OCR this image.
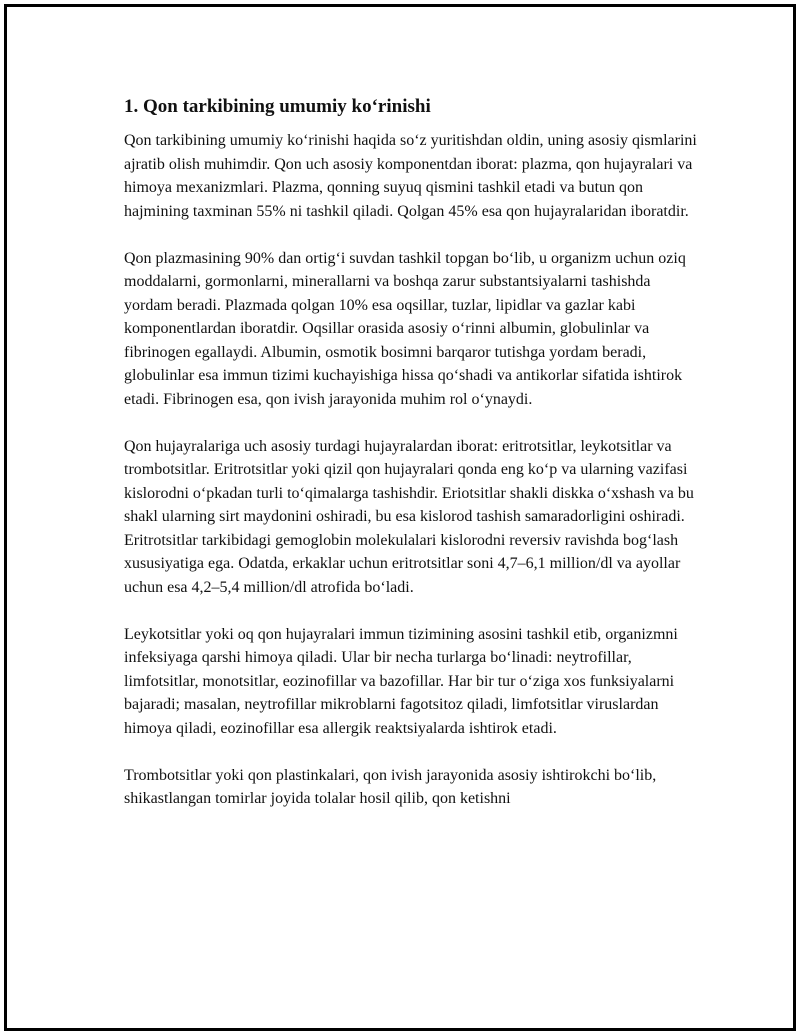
1. Qon tarkibining umumiy ko‘rinishi

Qon tarkibining umumiy ko‘rinishi haqida so‘z yuritishdan oldin, uning asosiy qismlarini ajratib olish muhimdir. Qon uch asosiy komponentdan iborat: plazma, qon hujayralari va himoya mexanizmlari. Plazma, qonning suyuq qismini tashkil etadi va butun qon hajmining taxminan 55% ni tashkil qiladi. Qolgan 45% esa qon hujayralaridan iboratdir.

Qon plazmasining 90% dan ortig‘i suvdan tashkil topgan bo‘lib, u organizm uchun oziq moddalarni, gormonlarni, minerallarni va boshqa zarur substantsiyalarni tashishda yordam beradi. Plazmada qolgan 10% esa oqsillar, tuzlar, lipidlar va gazlar kabi komponentlardan iboratdir. Oqsillar orasida asosiy o‘rinni albumin, globulinlar va fibrinogen egallaydi. Albumin, osmotik bosimni barqaror tutishga yordam beradi, globulinlar esa immun tizimi kuchayishiga hissa qo‘shadi va antikorlar sifatida ishtirok etadi. Fibrinogen esa, qon ivish jarayonida muhim rol o‘ynaydi.

Qon hujayralariga uch asosiy turdagi hujayralardan iborat: eritrotsitlar, leykotsitlar va trombotsitlar. Eritrotsitlar yoki qizil qon hujayralari qonda eng ko‘p va ularning vazifasi kislorodni o‘pkadan turli to‘qimalarga tashishdir. Eriotsitlar shakli diskka o‘xshash va bu shakl ularning sirt maydonini oshiradi, bu esa kislorod tashish samaradorligini oshiradi. Eritrotsitlar tarkibidagi gemoglobin molekulalari kislorodni reversiv ravishda bog‘lash xususiyatiga ega. Odatda, erkaklar uchun eritrotsitlar soni 4,7–6,1 million/dl va ayollar uchun esa 4,2–5,4 million/dl atrofida bo‘ladi.

Leykotsitlar yoki oq qon hujayralari immun tizimining asosini tashkil etib, organizmni infeksiyaga qarshi himoya qiladi. Ular bir necha turlarga bo‘linadi: neytrofillar, limfotsitlar, monotsitlar, eozinofillar va bazofillar. Har bir tur o‘ziga xos funksiyalarni bajaradi; masalan, neytrofillar mikroblarni fagotsitoz qiladi, limfotsitlar viruslardan himoya qiladi, eozinofillar esa allergik reaktsiyalarda ishtirok etadi.

Trombotsitlar yoki qon plastinkalari, qon ivish jarayonida asosiy ishtirokchi bo‘lib, shikastlangan tomirlar joyida tolalar hosil qilib, qon ketishni
